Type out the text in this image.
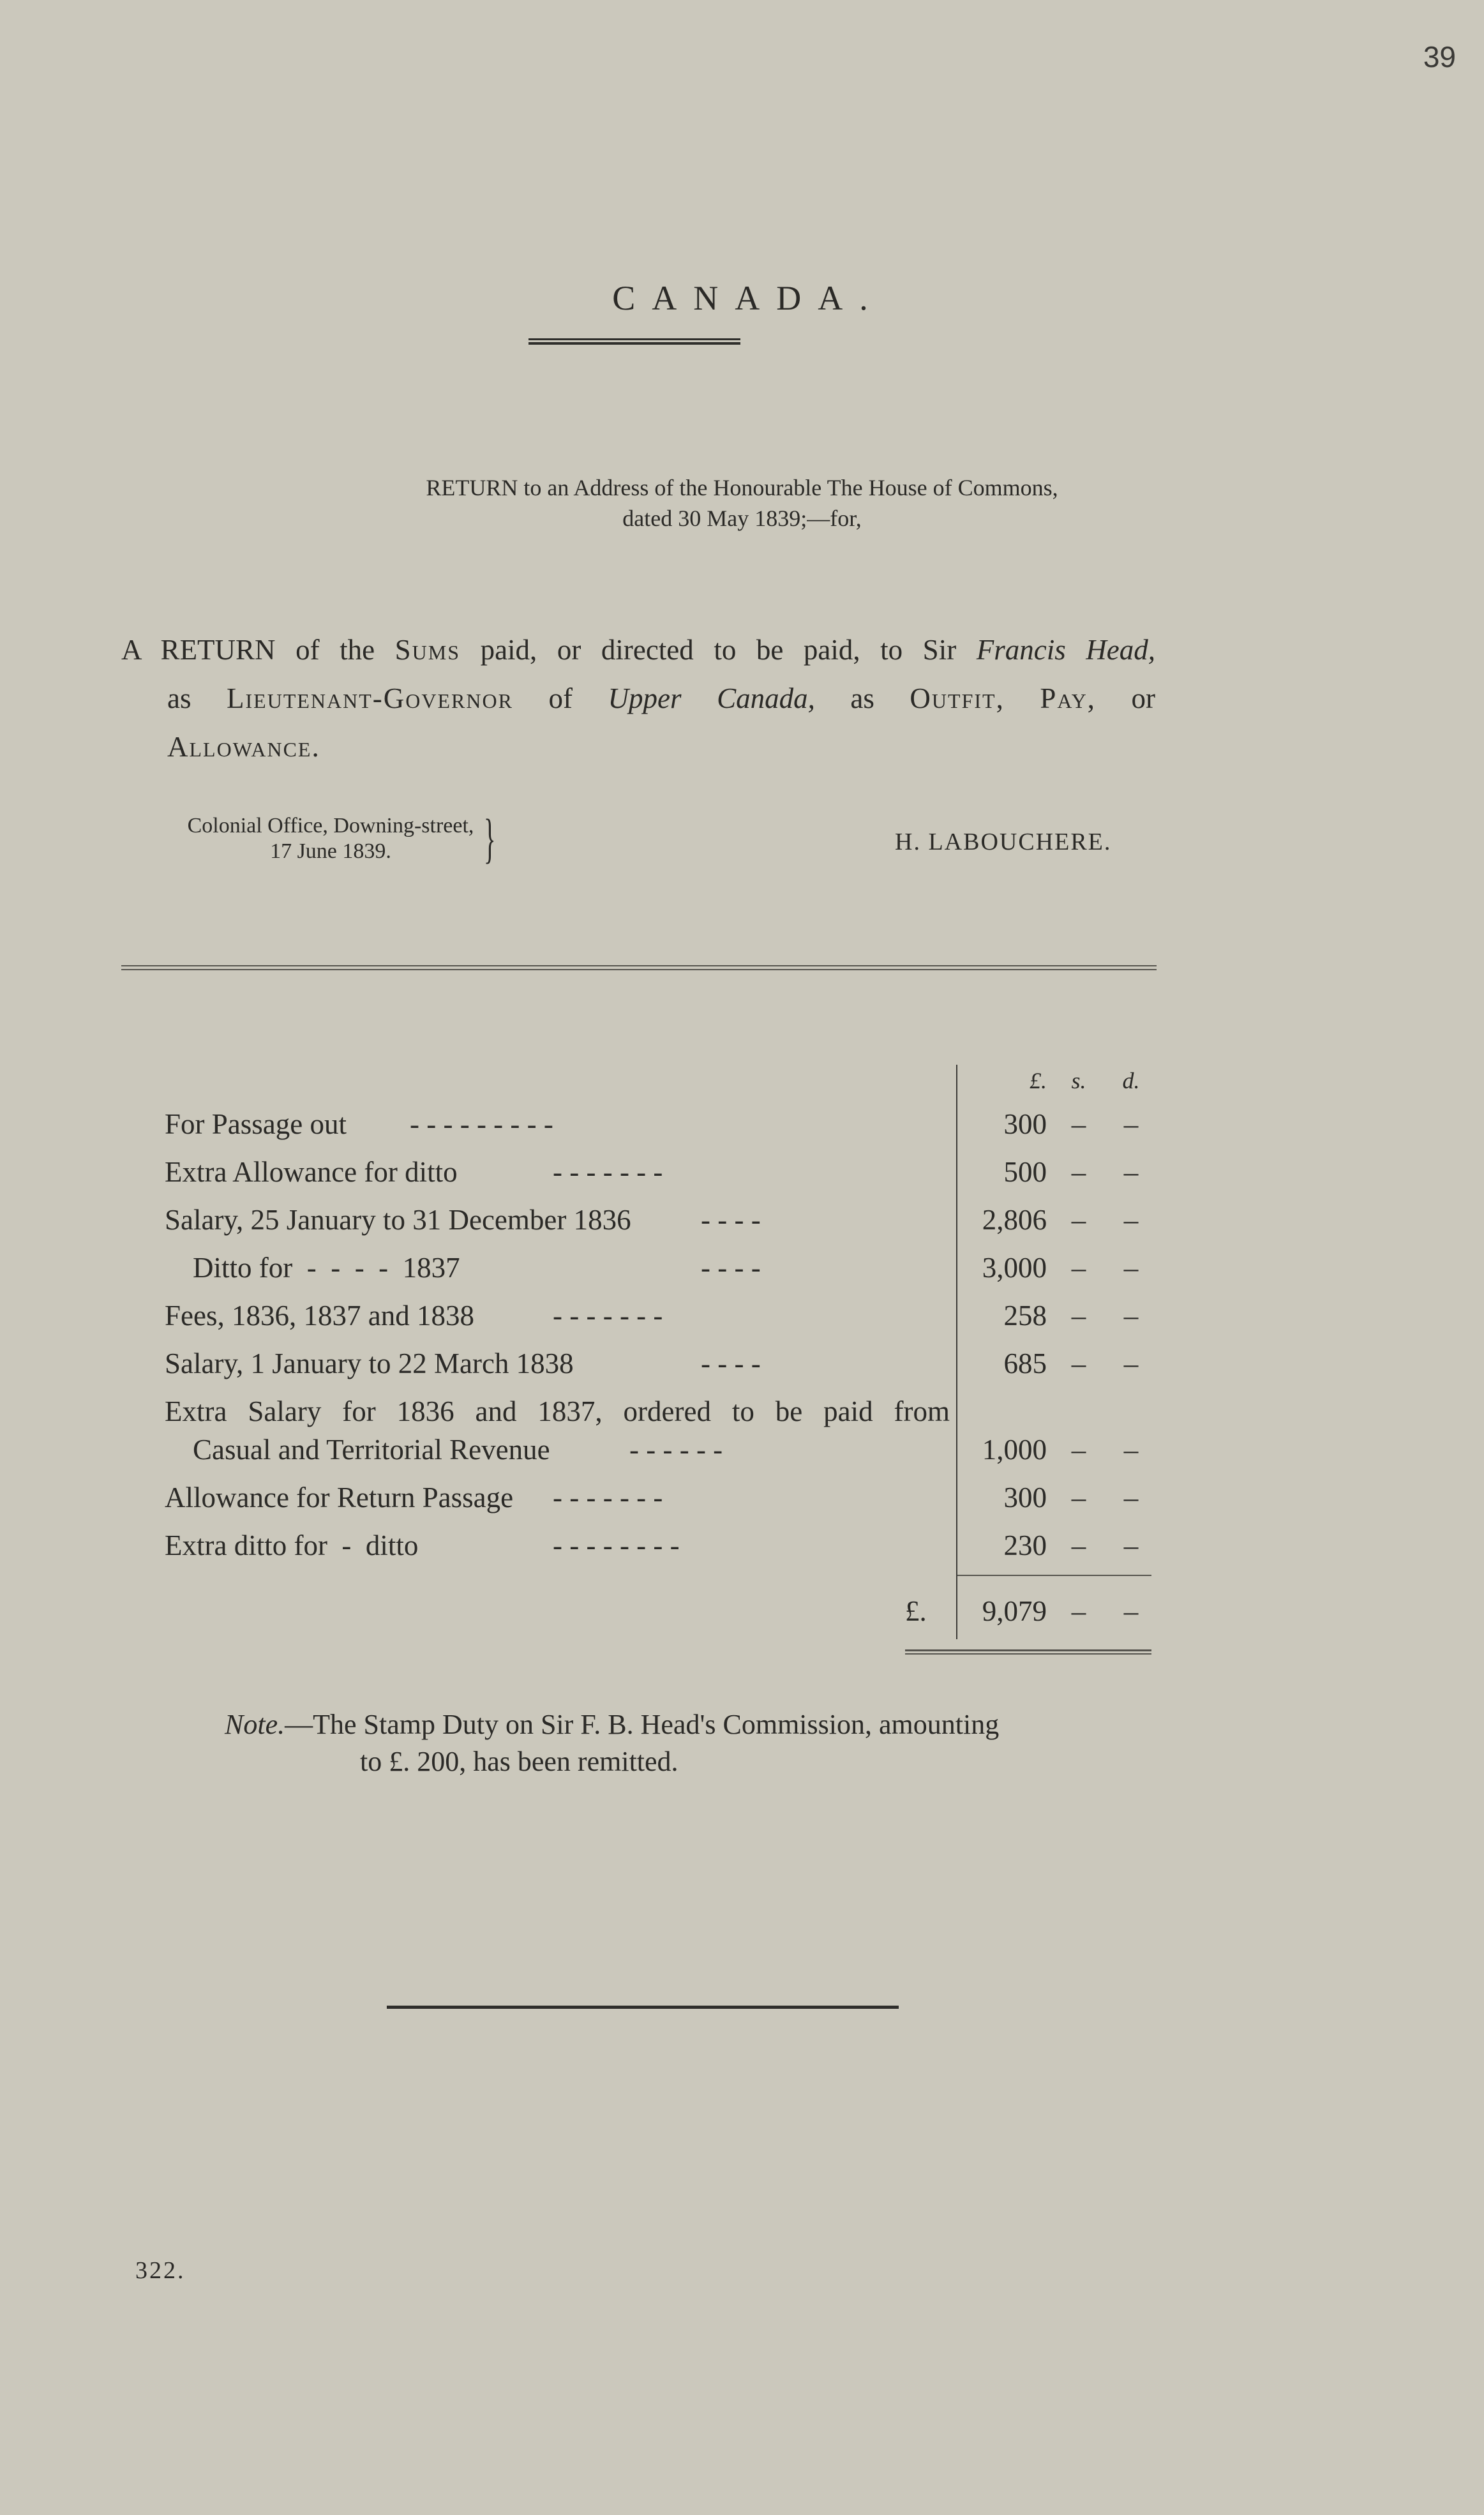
39
CANADA.
RETURN to an Address of the Honourable The House of Commons,
dated 30 May 1839;—for,
A RETURN of the Sums paid, or directed to be paid, to Sir Francis Head,
as Lieutenant-Governor of Upper Canada, as Outfit, Pay, or
Allowance.
Colonial Office, Downing-street,
17 June 1839.	}	H. LABOUCHERE.
£. s. d.
For Passage out - - - - - - - - -	300 – –
Extra Allowance for ditto	- - - - - - -	500 – –
Salary, 25 January to 31 December 1836 - - - -	2,806 – –
Ditto for  -  -  -  -  1837	- - - -	3,000 – –
Fees, 1836, 1837 and 1838	- - - - - - -	258 – –
Salary, 1 January to 22 March 1838	- - - -	685 – –
Extra Salary for 1836 and 1837, ordered to be paid from
Casual and Territorial Revenue	- - - - - -	1,000 – –
Allowance for Return Passage - - - - - - -	300 – –
Extra ditto for  -  ditto	- - - - - - - -	230 – –
£.	9,079 – –
Note.—The Stamp Duty on Sir F. B. Head's Commission, amounting
to £. 200, has been remitted.
322.
